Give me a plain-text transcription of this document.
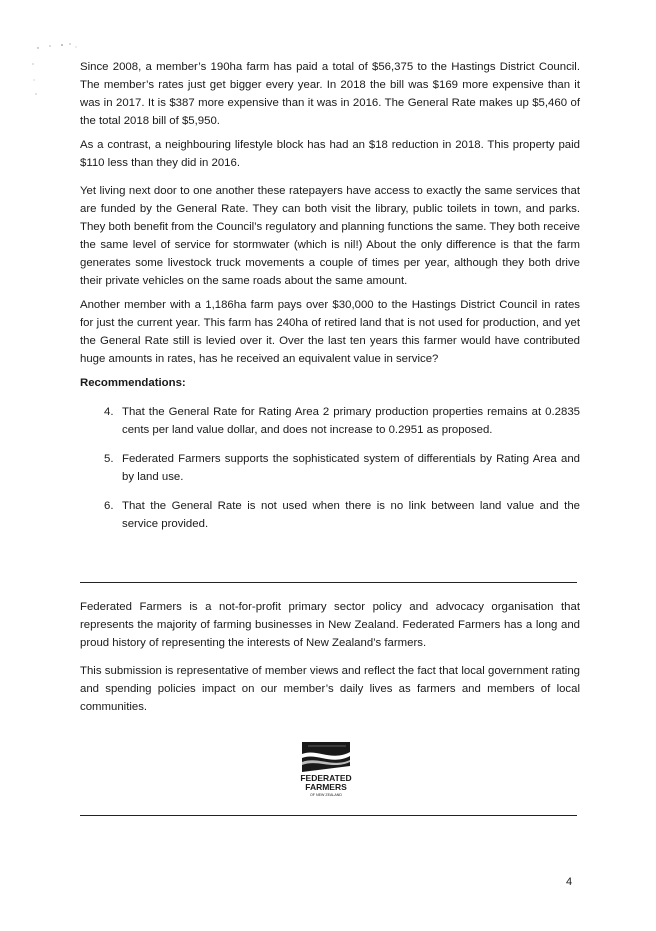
Since 2008, a member’s 190ha farm has paid a total of $56,375 to the Hastings District Council. The member’s rates just get bigger every year. In 2018 the bill was $169 more expensive than it was in 2017. It is $387 more expensive than it was in 2016. The General Rate makes up $5,460 of the total 2018 bill of $5,950.

As a contrast, a neighbouring lifestyle block has had an $18 reduction in 2018. This property paid $110 less than they did in 2016.

Yet living next door to one another these ratepayers have access to exactly the same services that are funded by the General Rate. They can both visit the library, public toilets in town, and parks. They both benefit from the Council’s regulatory and planning functions the same. They both receive the same level of service for stormwater (which is nil!) About the only difference is that the farm generates some livestock truck movements a couple of times per year, although they both drive their private vehicles on the same roads about the same amount.

Another member with a 1,186ha farm pays over $30,000 to the Hastings District Council in rates for just the current year. This farm has 240ha of retired land that is not used for production, and yet the General Rate still is levied over it. Over the last ten years this farmer would have contributed huge amounts in rates, has he received an equivalent value in service?

Recommendations:
4. That the General Rate for Rating Area 2 primary production properties remains at 0.2835 cents per land value dollar, and does not increase to 0.2951 as proposed.
5. Federated Farmers supports the sophisticated system of differentials by Rating Area and by land use.
6. That the General Rate is not used when there is no link between land value and the service provided.

Federated Farmers is a not-for-profit primary sector policy and advocacy organisation that represents the majority of farming businesses in New Zealand. Federated Farmers has a long and proud history of representing the interests of New Zealand’s farmers.

This submission is representative of member views and reflect the fact that local government rating and spending policies impact on our member’s daily lives as farmers and members of local communities.

FEDERATED
FARMERS
OF NEW ZEALAND
4
